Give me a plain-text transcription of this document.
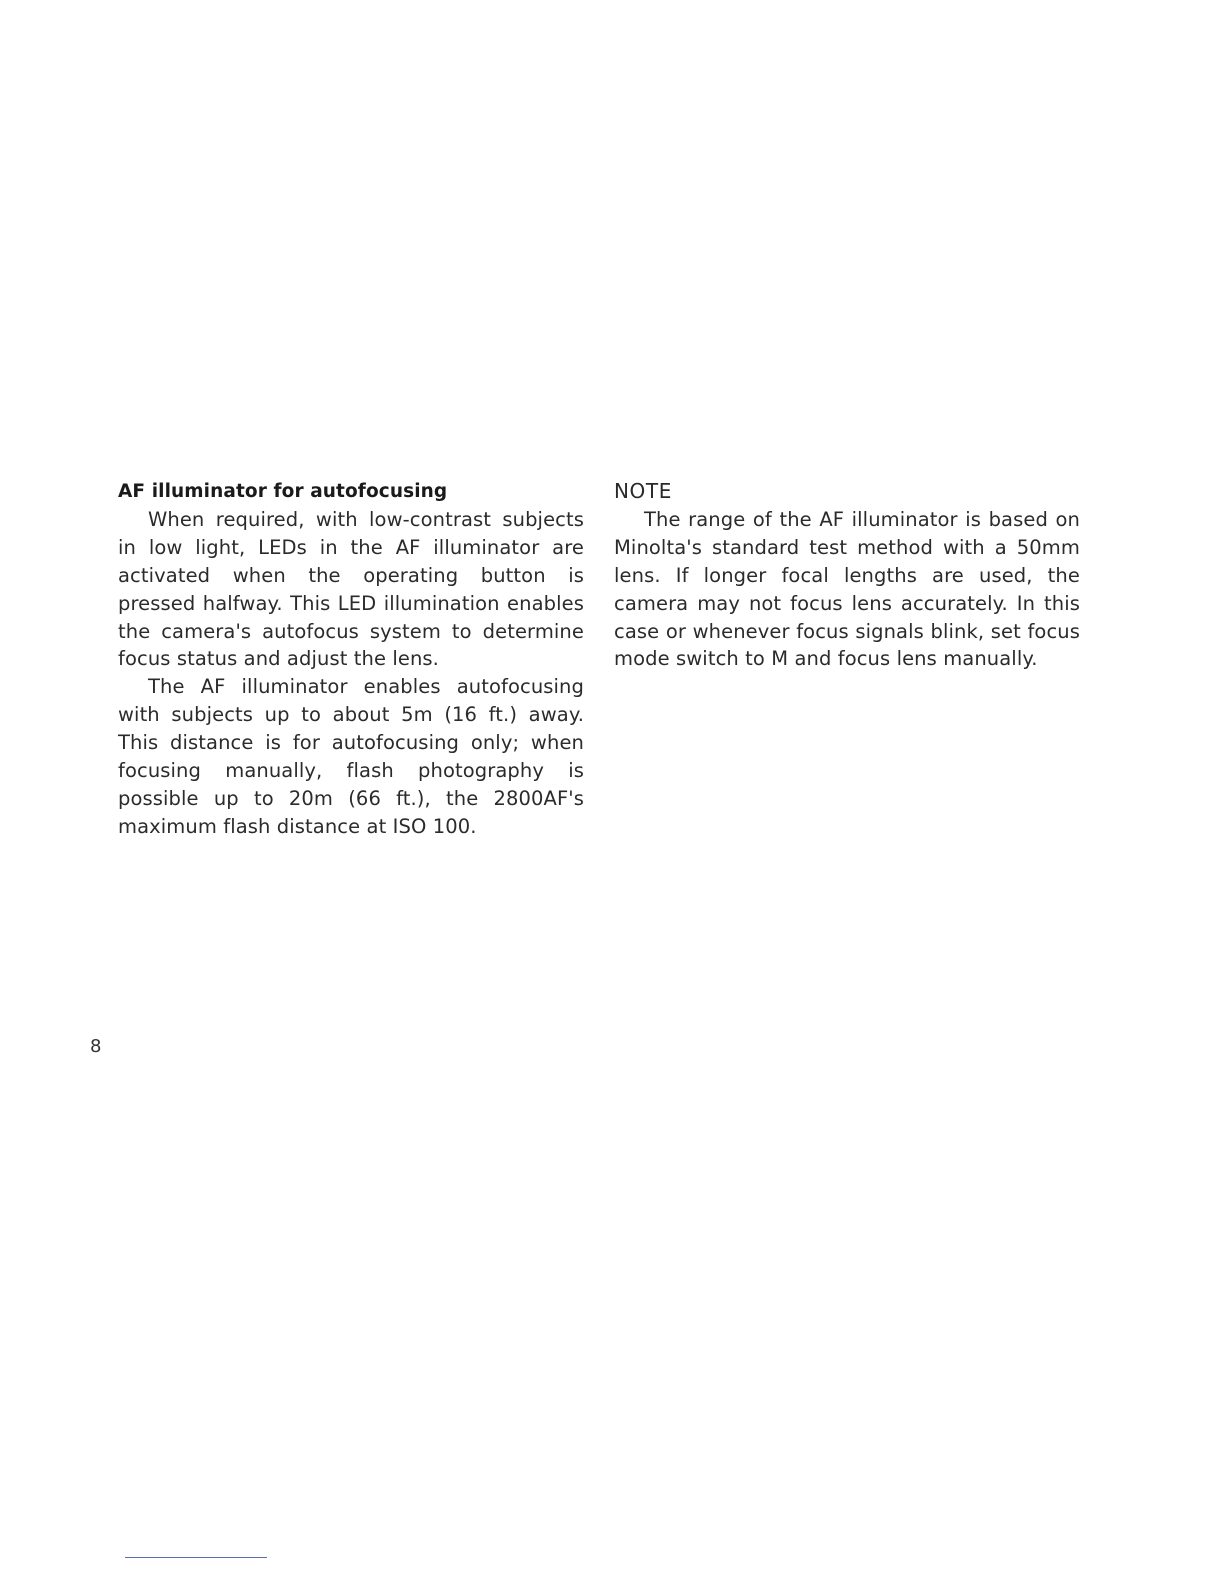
AF illuminator for autofocusing

When required, with low-contrast subjects in low light, LEDs in the AF illuminator are activated when the operating button is pressed halfway. This LED illumination enables the camera's autofocus system to determine focus status and adjust the lens.

The AF illuminator enables autofocusing with subjects up to about 5m (16 ft.) away. This distance is for autofocusing only; when focusing manually, flash photography is possible up to 20m (66 ft.), the 2800AF's maximum flash distance at ISO 100.

NOTE

The range of the AF illuminator is based on Minolta's standard test method with a 50mm lens. If longer focal lengths are used, the camera may not focus lens accurately. In this case or whenever focus signals blink, set focus mode switch to M and focus lens manually.

8
